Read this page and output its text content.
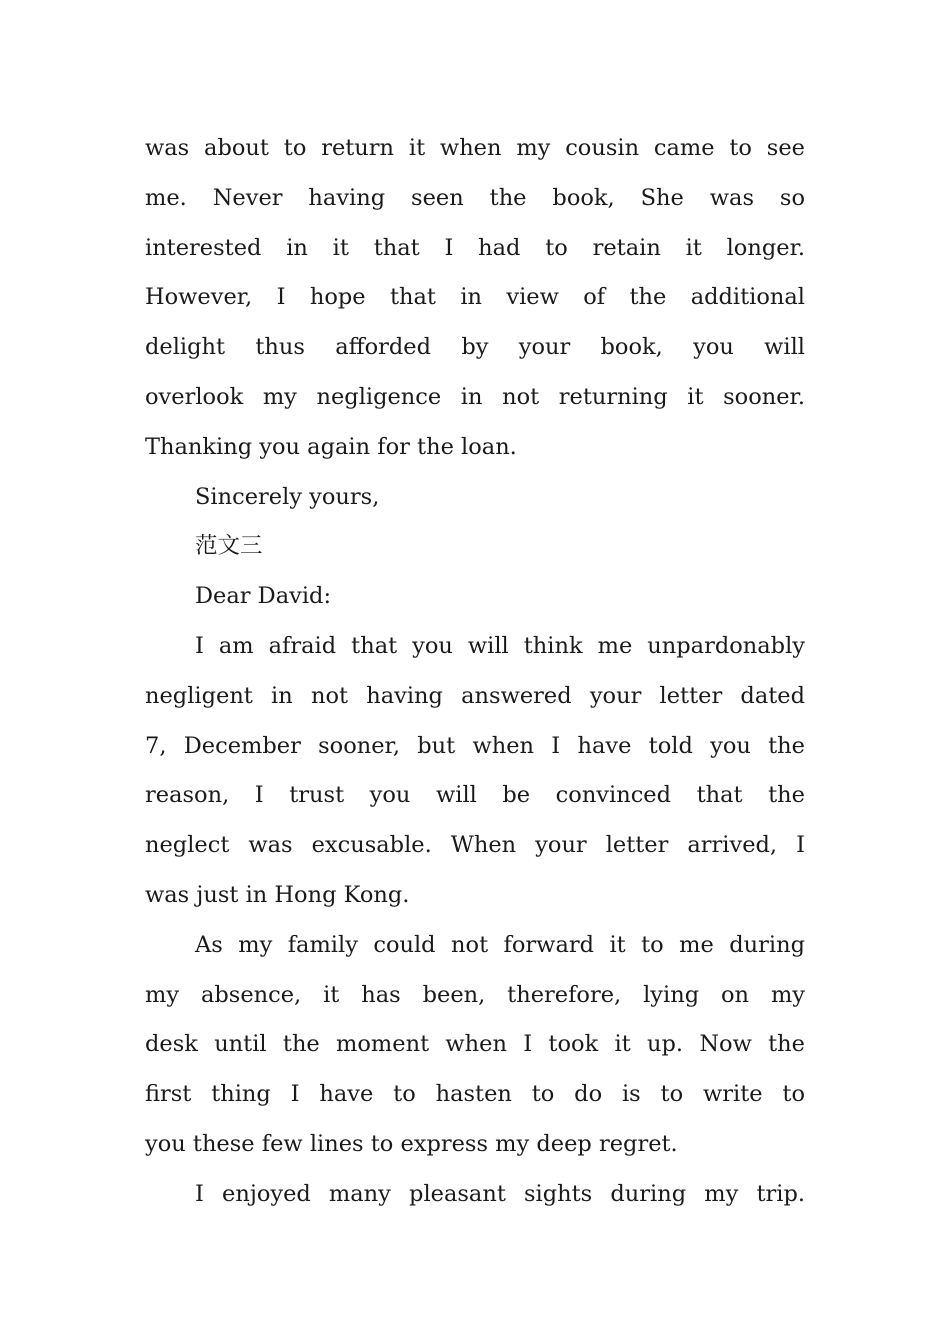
was about to return it when my cousin came to see
me. Never having seen the book, She was so
interested in it that I had to retain it longer.
However, I hope that in view of the additional
delight thus afforded by your book, you will
overlook my negligence in not returning it sooner.
Thanking you again for the loan.
Sincerely yours,
范文三
Dear David:
I am afraid that you will think me unpardonably
negligent in not having answered your letter dated
7, December sooner, but when I have told you the
reason, I trust you will be convinced that the
neglect was excusable. When your letter arrived, I
was just in Hong Kong.
As my family could not forward it to me during
my absence, it has been, therefore, lying on my
desk until the moment when I took it up. Now the
first thing I have to hasten to do is to write to
you these few lines to express my deep regret.
I enjoyed many pleasant sights during my trip.
